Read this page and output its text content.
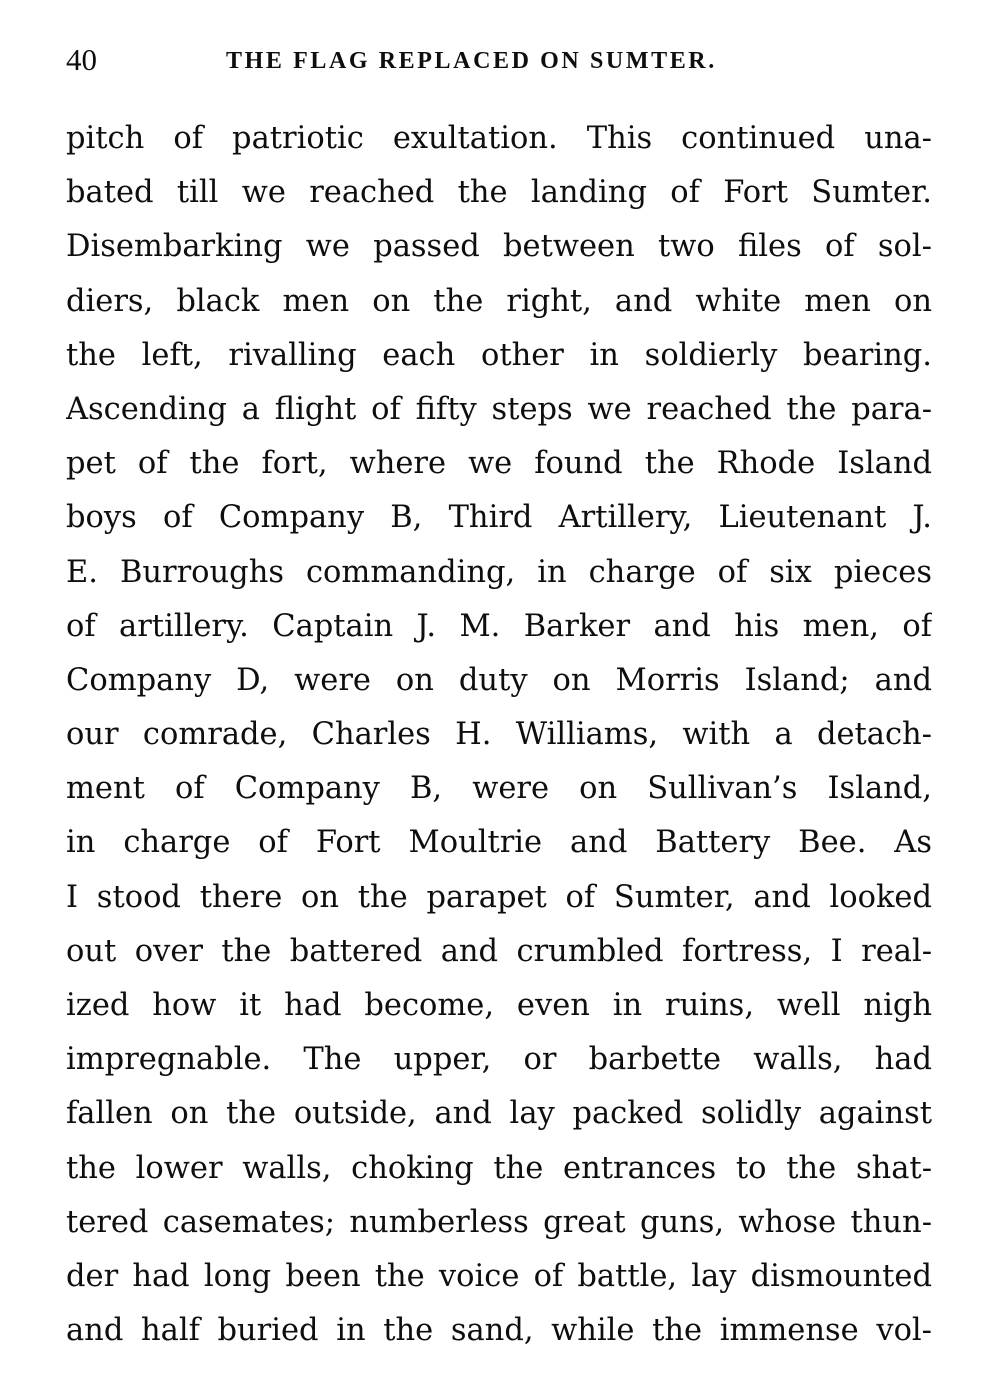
40	THE FLAG REPLACED ON SUMTER.
pitch of patriotic exultation. This continued una-
bated till we reached the landing of Fort Sumter.
Disembarking we passed between two files of sol-
diers, black men on the right, and white men on
the left, rivalling each other in soldierly bearing.
Ascending a flight of fifty steps we reached the para-
pet of the fort, where we found the Rhode Island
boys of Company B, Third Artillery, Lieutenant J.
E. Burroughs commanding, in charge of six pieces
of artillery. Captain J. M. Barker and his men, of
Company D, were on duty on Morris Island; and
our comrade, Charles H. Williams, with a detach-
ment of Company B, were on Sullivan’s Island,
in charge of Fort Moultrie and Battery Bee. As
I stood there on the parapet of Sumter, and looked
out over the battered and crumbled fortress, I real-
ized how it had become, even in ruins, well nigh
impregnable. The upper, or barbette walls, had
fallen on the outside, and lay packed solidly against
the lower walls, choking the entrances to the shat-
tered casemates; numberless great guns, whose thun-
der had long been the voice of battle, lay dismounted
and half buried in the sand, while the immense vol-
